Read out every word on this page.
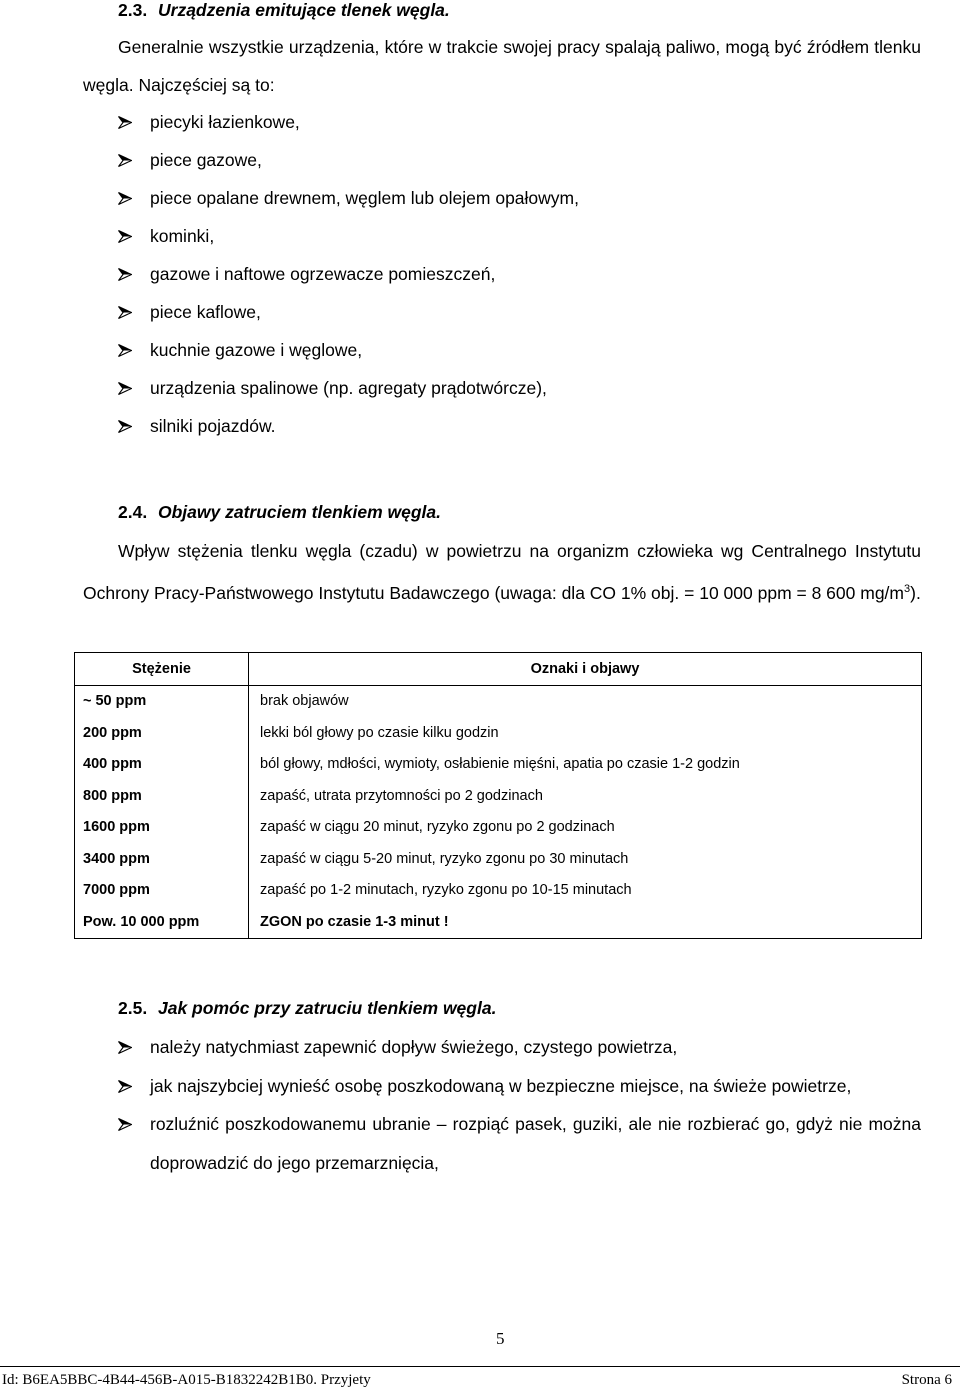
2.3. Urządzenia emitujące tlenek węgla.
Generalnie wszystkie urządzenia, które w trakcie swojej pracy spalają paliwo, mogą być źródłem tlenku węgla. Najczęściej są to:
piecyki łazienkowe,
piece gazowe,
piece opalane drewnem, węglem lub olejem opałowym,
kominki,
gazowe i naftowe ogrzewacze pomieszczeń,
piece kaflowe,
kuchnie gazowe i węglowe,
urządzenia spalinowe (np. agregaty prądotwórcze),
silniki pojazdów.
2.4. Objawy zatruciem tlenkiem węgla.
Wpływ stężenia tlenku węgla (czadu) w powietrzu na organizm człowieka wg Centralnego Instytutu Ochrony Pracy-Państwowego Instytutu Badawczego (uwaga: dla CO 1% obj. = 10 000 ppm = 8 600 $mg/m^3$).
Stężenie	Oznaki i objawy
~ 50 ppm	brak objawów
200 ppm	lekki ból głowy po czasie kilku godzin
400 ppm	ból głowy, mdłości, wymioty, osłabienie mięśni, apatia po czasie 1-2 godzin
800 ppm	zapaść, utrata przytomności po 2 godzinach
1600 ppm	zapaść w ciągu 20 minut, ryzyko zgonu po 2 godzinach
3400 ppm	zapaść w ciągu 5-20 minut, ryzyko zgonu po 30 minutach
7000 ppm	zapaść po 1-2 minutach, ryzyko zgonu po 10-15 minutach
Pow. 10 000 ppm	ZGON po czasie 1-3 minut !
2.5. Jak pomóc przy zatruciu tlenkiem węgla.
należy natychmiast zapewnić dopływ świeżego, czystego powietrza,
jak najszybciej wynieść osobę poszkodowaną w bezpieczne miejsce, na świeże powietrze,
rozluźnić poszkodowanemu ubranie – rozpiąć pasek, guziki, ale nie rozbierać go, gdyż nie można doprowadzić do jego przemarznięcia,
5
Id: B6EA5BBC-4B44-456B-A015-B1832242B1B0. Przyjety	Strona 6
